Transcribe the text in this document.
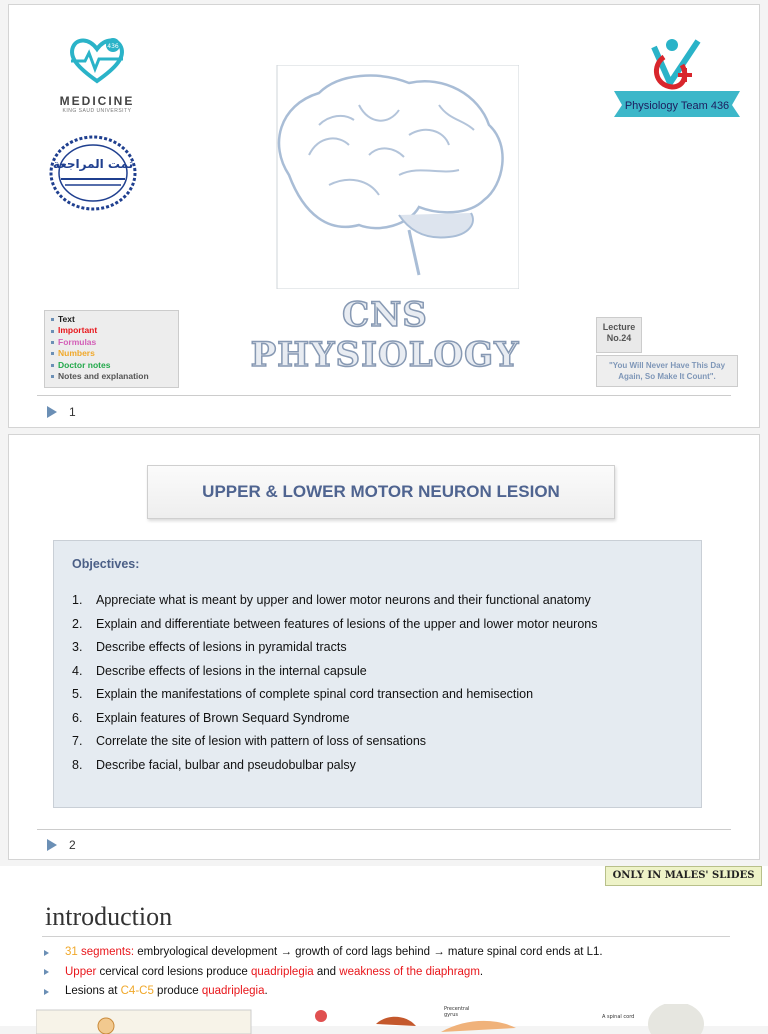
436
MEDICINE
KING SAUD UNIVERSITY
تمت المراجعة
CNS PHYSIOLOGY
Text
Important
Formulas
Numbers
Doctor notes
Notes and explanation
Physiology Team 436
Lecture
No.24
"You Will Never Have This Day Again, So Make It Count".
1
UPPER & LOWER MOTOR NEURON LESION
Objectives:
1.	Appreciate what is meant by upper and lower motor neurons and their functional anatomy
2.	Explain and differentiate between features of lesions of the upper and lower motor neurons
3.	Describe effects of lesions in pyramidal tracts
4.	Describe effects of lesions in the internal capsule
5.	Explain the manifestations of complete spinal cord transection and hemisection
6.	Explain features of Brown Sequard Syndrome
7.	Correlate the site of lesion with pattern of loss of sensations
8.	Describe facial, bulbar and pseudobulbar palsy
2
ONLY IN MALES' SLIDES
introduction
31 segments: embryological development → growth of cord lags behind → mature spinal cord ends at L1.
Upper cervical cord lesions produce quadriplegia and weakness of the diaphragm.
Lesions at C4-C5 produce quadriplegia.
Precentral
gyrus	A spinal cord
